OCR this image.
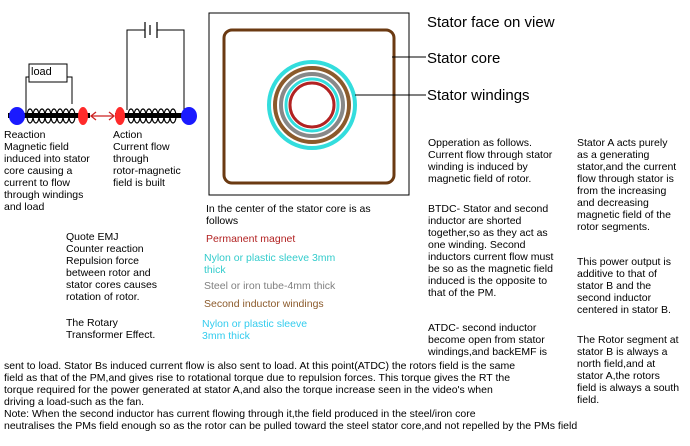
Stator face on view
Stator core
Stator windings
load
Reaction
Magnetic field
induced into stator
core causing a
current to flow
through windings
and load
Action
Current flow
through
rotor-magnetic
field is built
Quote EMJ
Counter reaction
Repulsion force
between rotor and
stator cores causes
rotation of rotor.
The Rotary
Transformer Effect.
In the center of the stator core is as
follows
Permanent magnet
Nylon or plastic sleeve 3mm
thick
Steel or iron tube-4mm thick
Second inductor windings
Nylon or plastic sleeve
3mm thick
Opperation as follows.
Current flow through stator
winding is induced by
magnetic field of rotor.
BTDC- Stator and second
inductor are shorted
together,so as they act as
one winding. Second
inductors current flow must
be so as the magnetic field
induced is the opposite to
that of the PM.
ATDC- second inductor
become open from stator
windings,and backEMF is
Stator A acts purely
as a generating
stator,and the current
flow through stator is
from the increasing
and decreasing
magnetic field of the
rotor segments.
This power output is
additive to that of
stator B and the
second inductor
centered in stator B.
The Rotor segment at
stator B is always a
north field,and at
stator A,the rotors
field is always a south
field.
sent to load. Stator Bs induced current flow is also sent to load. At this point(ATDC) the rotors field is the same
field as that of the PM,and gives rise to rotational torque due to repulsion forces. This torque gives the RT the
torque required for the power generated at stator A,and also the torque increase seen in the video's when
driving a load-such as the fan.
Note: When the second inductor has current flowing through it,the field produced in the steel/iron core
neutralises the PMs field enough so as the rotor can be pulled toward the steel stator core,and not repelled by the PMs field
